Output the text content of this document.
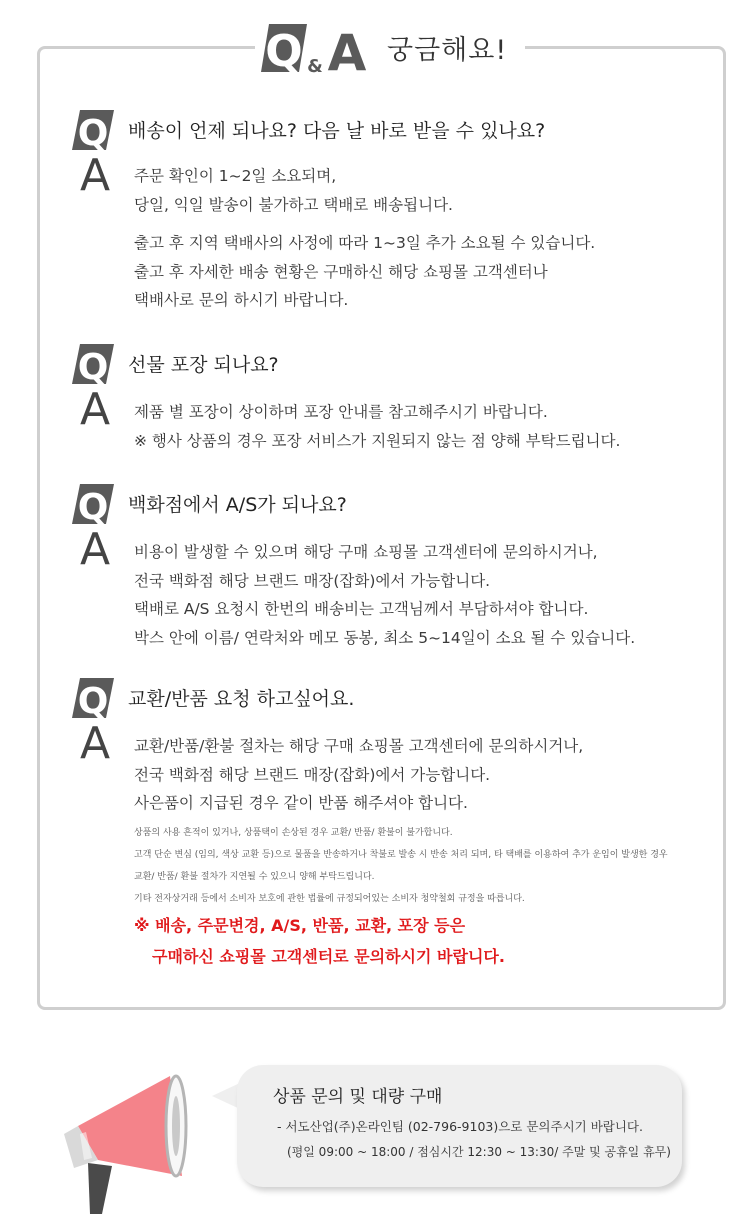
Q & A 궁금해요!
Q 배송이 언제 되나요? 다음 날 바로 받을 수 있나요?
A 주문 확인이 1~2일 소요되며,

당일, 익일 발송이 불가하고 택배로 배송됩니다.

출고 후 지역 택배사의 사정에 따라 1~3일 추가 소요될 수 있습니다.

출고 후 자세한 배송 현황은 구매하신 해당 쇼핑몰 고객센터나

택배사로 문의 하시기 바랍니다.

Q 선물 포장 되나요?
A 제품 별 포장이 상이하며 포장 안내를 참고해주시기 바랍니다.

※ 행사 상품의 경우 포장 서비스가 지원되지 않는 점 양해 부탁드립니다.

Q 백화점에서 A/S가 되나요?
A 비용이 발생할 수 있으며 해당 구매 쇼핑몰 고객센터에 문의하시거나,

전국 백화점 해당 브랜드 매장(잡화)에서 가능합니다.

택배로 A/S 요청시 한번의 배송비는 고객님께서 부담하셔야 합니다.

박스 안에 이름/ 연락처와 메모 동봉, 최소 5~14일이 소요 될 수 있습니다.

Q 교환/반품 요청 하고싶어요.
A 교환/반품/환불 절차는 해당 구매 쇼핑몰 고객센터에 문의하시거나,

전국 백화점 해당 브랜드 매장(잡화)에서 가능합니다.

사은품이 지급된 경우 같이 반품 해주셔야 합니다.

상품의 사용 흔적이 있거나, 상품택이 손상된 경우 교환/ 반품/ 환불이 불가합니다.

고객 단순 변심 (임의, 색상 교환 등)으로 물품을 반송하거나 착불로 발송 시 반송 처리 되며, 타 택배를 이용하여 추가 운임이 발생한 경우

교환/ 반품/ 환불 절차가 지연될 수 있으니 양해 부탁드립니다.

기타 전자상거래 등에서 소비자 보호에 관한 법률에 규정되어있는 소비자 청약철회 규정을 따릅니다.

※ 배송, 주문변경, A/S, 반품, 교환, 포장 등은

구매하신 쇼핑몰 고객센터로 문의하시기 바랍니다.

상품 문의 및 대량 구매
- 서도산업(주)온라인팀 (02-796-9103)으로 문의주시기 바랍니다.
(평일 09:00 ~ 18:00 / 점심시간 12:30 ~ 13:30/ 주말 및 공휴일 휴무)
